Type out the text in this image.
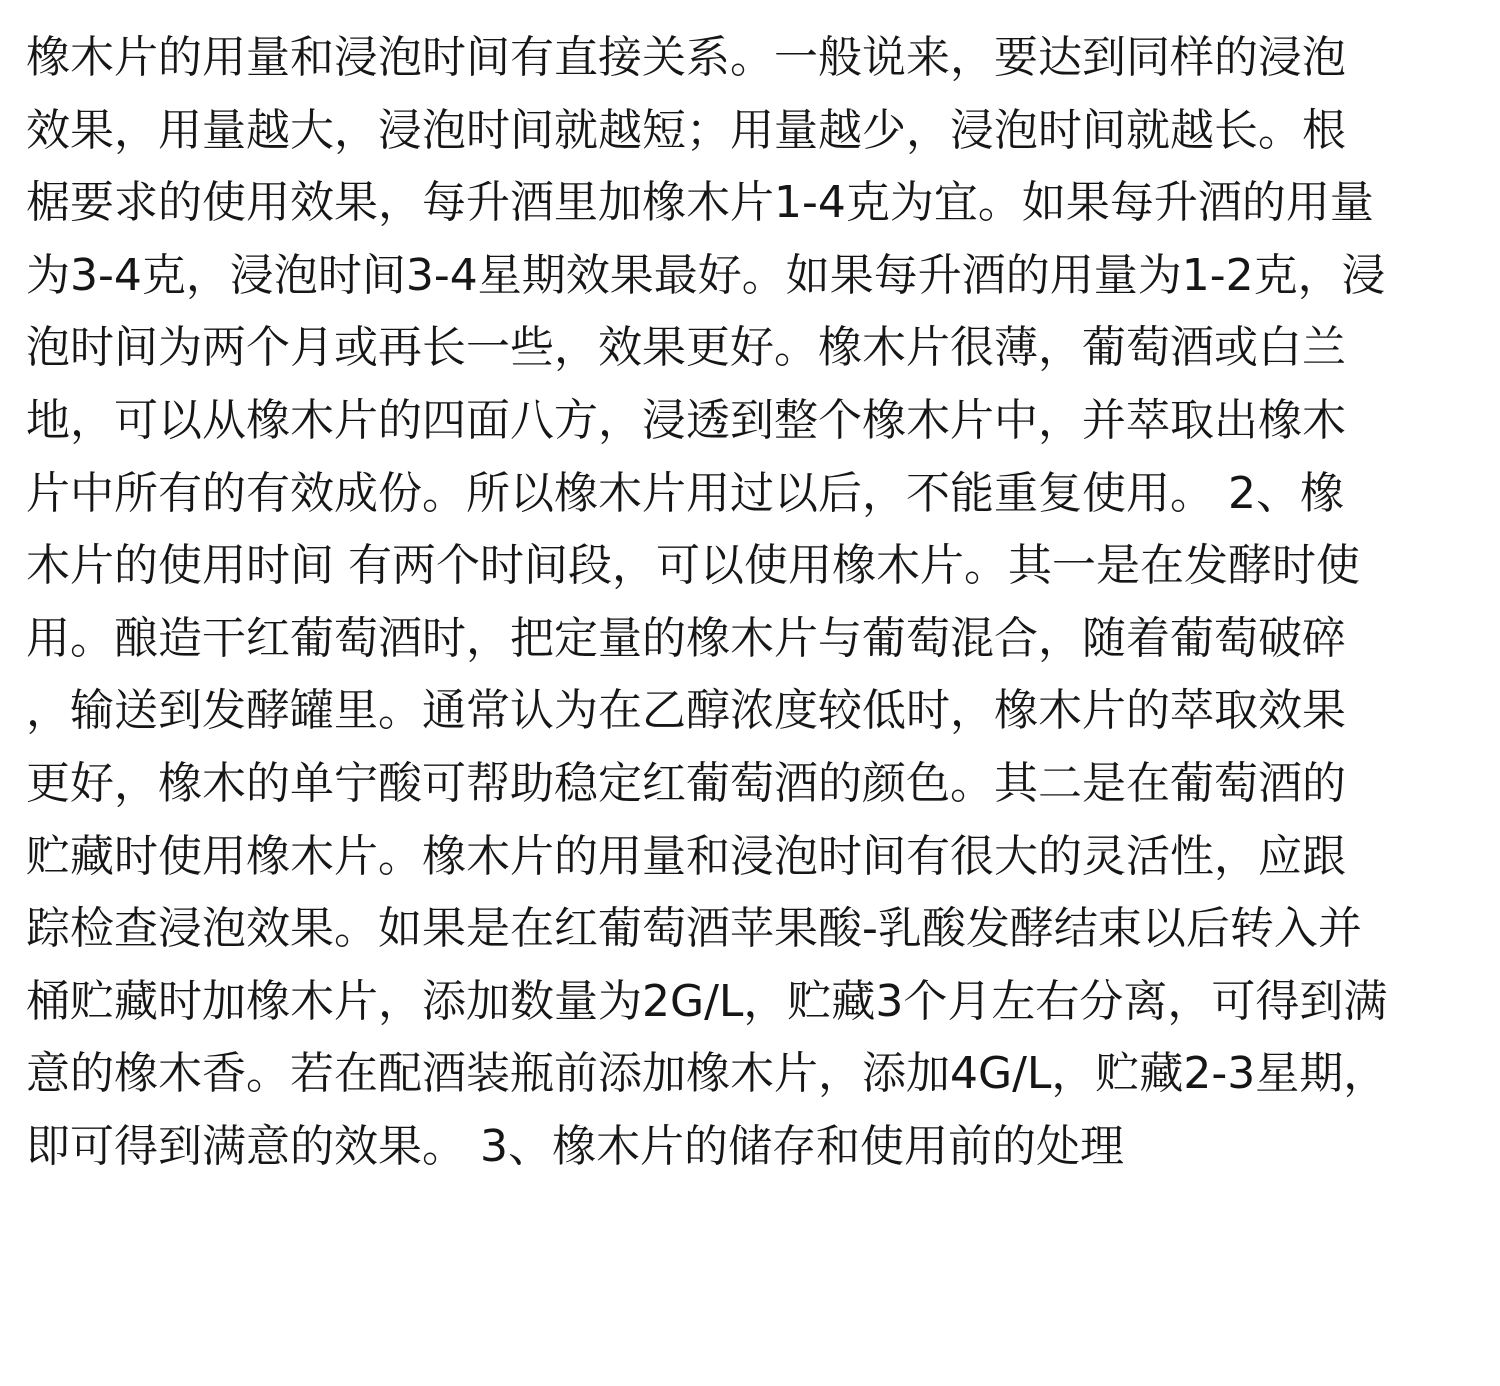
橡木片的用量和浸泡时间有直接关系。一般说来，要达到同样的浸泡
效果，用量越大，浸泡时间就越短；用量越少，浸泡时间就越长。根
椐要求的使用效果，每升酒里加橡木片1-4克为宜。如果每升酒的用量
为3-4克，浸泡时间3-4星期效果最好。如果每升酒的用量为1-2克，浸
泡时间为两个月或再长一些，效果更好。橡木片很薄，葡萄酒或白兰
地，可以从橡木片的四面八方，浸透到整个橡木片中，并萃取出橡木
片中所有的有效成份。所以橡木片用过以后，不能重复使用。 2、橡
木片的使用时间 有两个时间段，可以使用橡木片。其一是在发酵时使
用。酿造干红葡萄酒时，把定量的橡木片与葡萄混合，随着葡萄破碎
，输送到发酵罐里。通常认为在乙醇浓度较低时，橡木片的萃取效果
更好，橡木的单宁酸可帮助稳定红葡萄酒的颜色。其二是在葡萄酒的
贮藏时使用橡木片。橡木片的用量和浸泡时间有很大的灵活性，应跟
踪检查浸泡效果。如果是在红葡萄酒苹果酸-乳酸发酵结束以后转入并
桶贮藏时加橡木片，添加数量为2G/L，贮藏3个月左右分离，可得到满
意的橡木香。若在配酒装瓶前添加橡木片，添加4G/L，贮藏2-3星期，
即可得到满意的效果。 3、橡木片的储存和使用前的处理
